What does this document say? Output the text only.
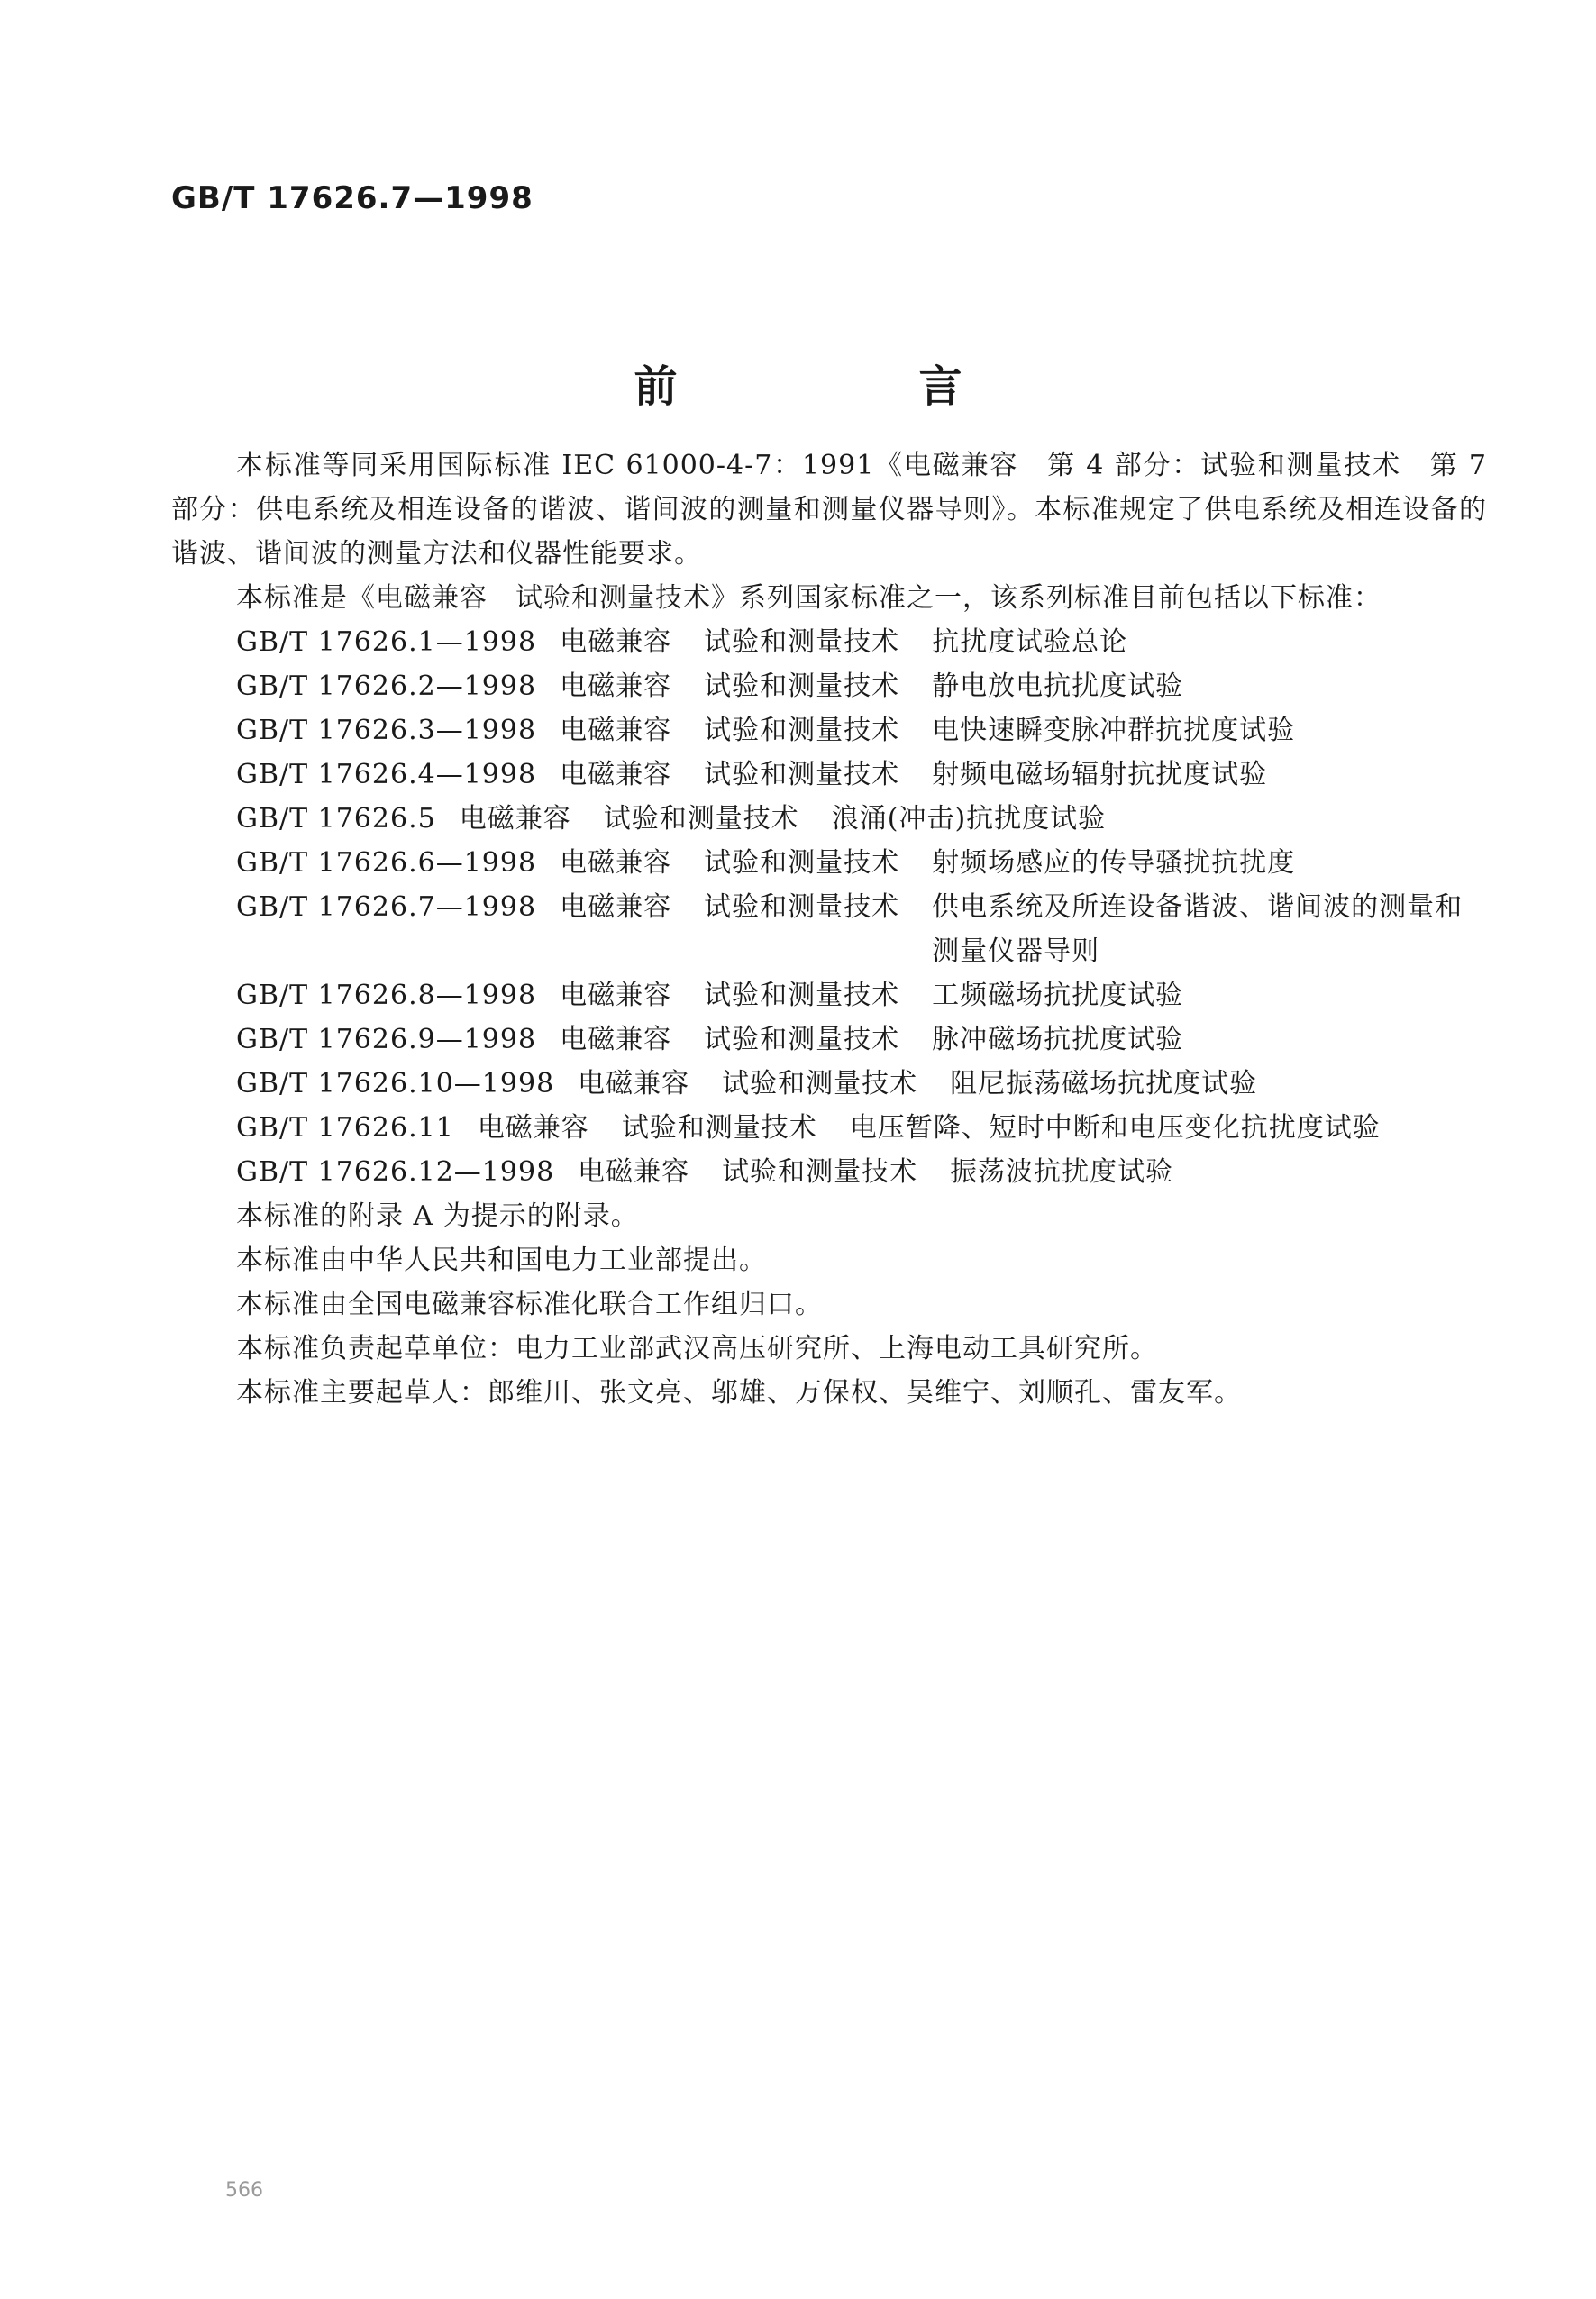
GB/T 17626.7—1998
前　言

本标准等同采用国际标准 IEC 61000-4-7：1991《电磁兼容　第 4 部分：试验和测量技术　第 7 部分：供电系统及相连设备的谐波、谐间波的测量和测量仪器导则》。本标准规定了供电系统及相连设备的谐波、谐间波的测量方法和仪器性能要求。

本标准是《电磁兼容　试验和测量技术》系列国家标准之一，该系列标准目前包括以下标准：

GB/T 17626.1—1998 电磁兼容 试验和测量技术 抗扰度试验总论
GB/T 17626.2—1998 电磁兼容 试验和测量技术 静电放电抗扰度试验
GB/T 17626.3—1998 电磁兼容 试验和测量技术 电快速瞬变脉冲群抗扰度试验
GB/T 17626.4—1998 电磁兼容 试验和测量技术 射频电磁场辐射抗扰度试验
GB/T 17626.5 电磁兼容 试验和测量技术 浪涌(冲击)抗扰度试验
GB/T 17626.6—1998 电磁兼容 试验和测量技术 射频场感应的传导骚扰抗扰度
GB/T 17626.7—1998 电磁兼容 试验和测量技术 供电系统及所连设备谐波、谐间波的测量和测量仪器导则
GB/T 17626.8—1998 电磁兼容 试验和测量技术 工频磁场抗扰度试验
GB/T 17626.9—1998 电磁兼容 试验和测量技术 脉冲磁场抗扰度试验
GB/T 17626.10—1998 电磁兼容 试验和测量技术 阻尼振荡磁场抗扰度试验
GB/T 17626.11 电磁兼容 试验和测量技术 电压暂降、短时中断和电压变化抗扰度试验
GB/T 17626.12—1998 电磁兼容 试验和测量技术 振荡波抗扰度试验

本标准的附录 A 为提示的附录。

本标准由中华人民共和国电力工业部提出。

本标准由全国电磁兼容标准化联合工作组归口。

本标准负责起草单位：电力工业部武汉高压研究所、上海电动工具研究所。

本标准主要起草人：郎维川、张文亮、邬雄、万保权、吴维宁、刘顺孔、雷友军。

566
